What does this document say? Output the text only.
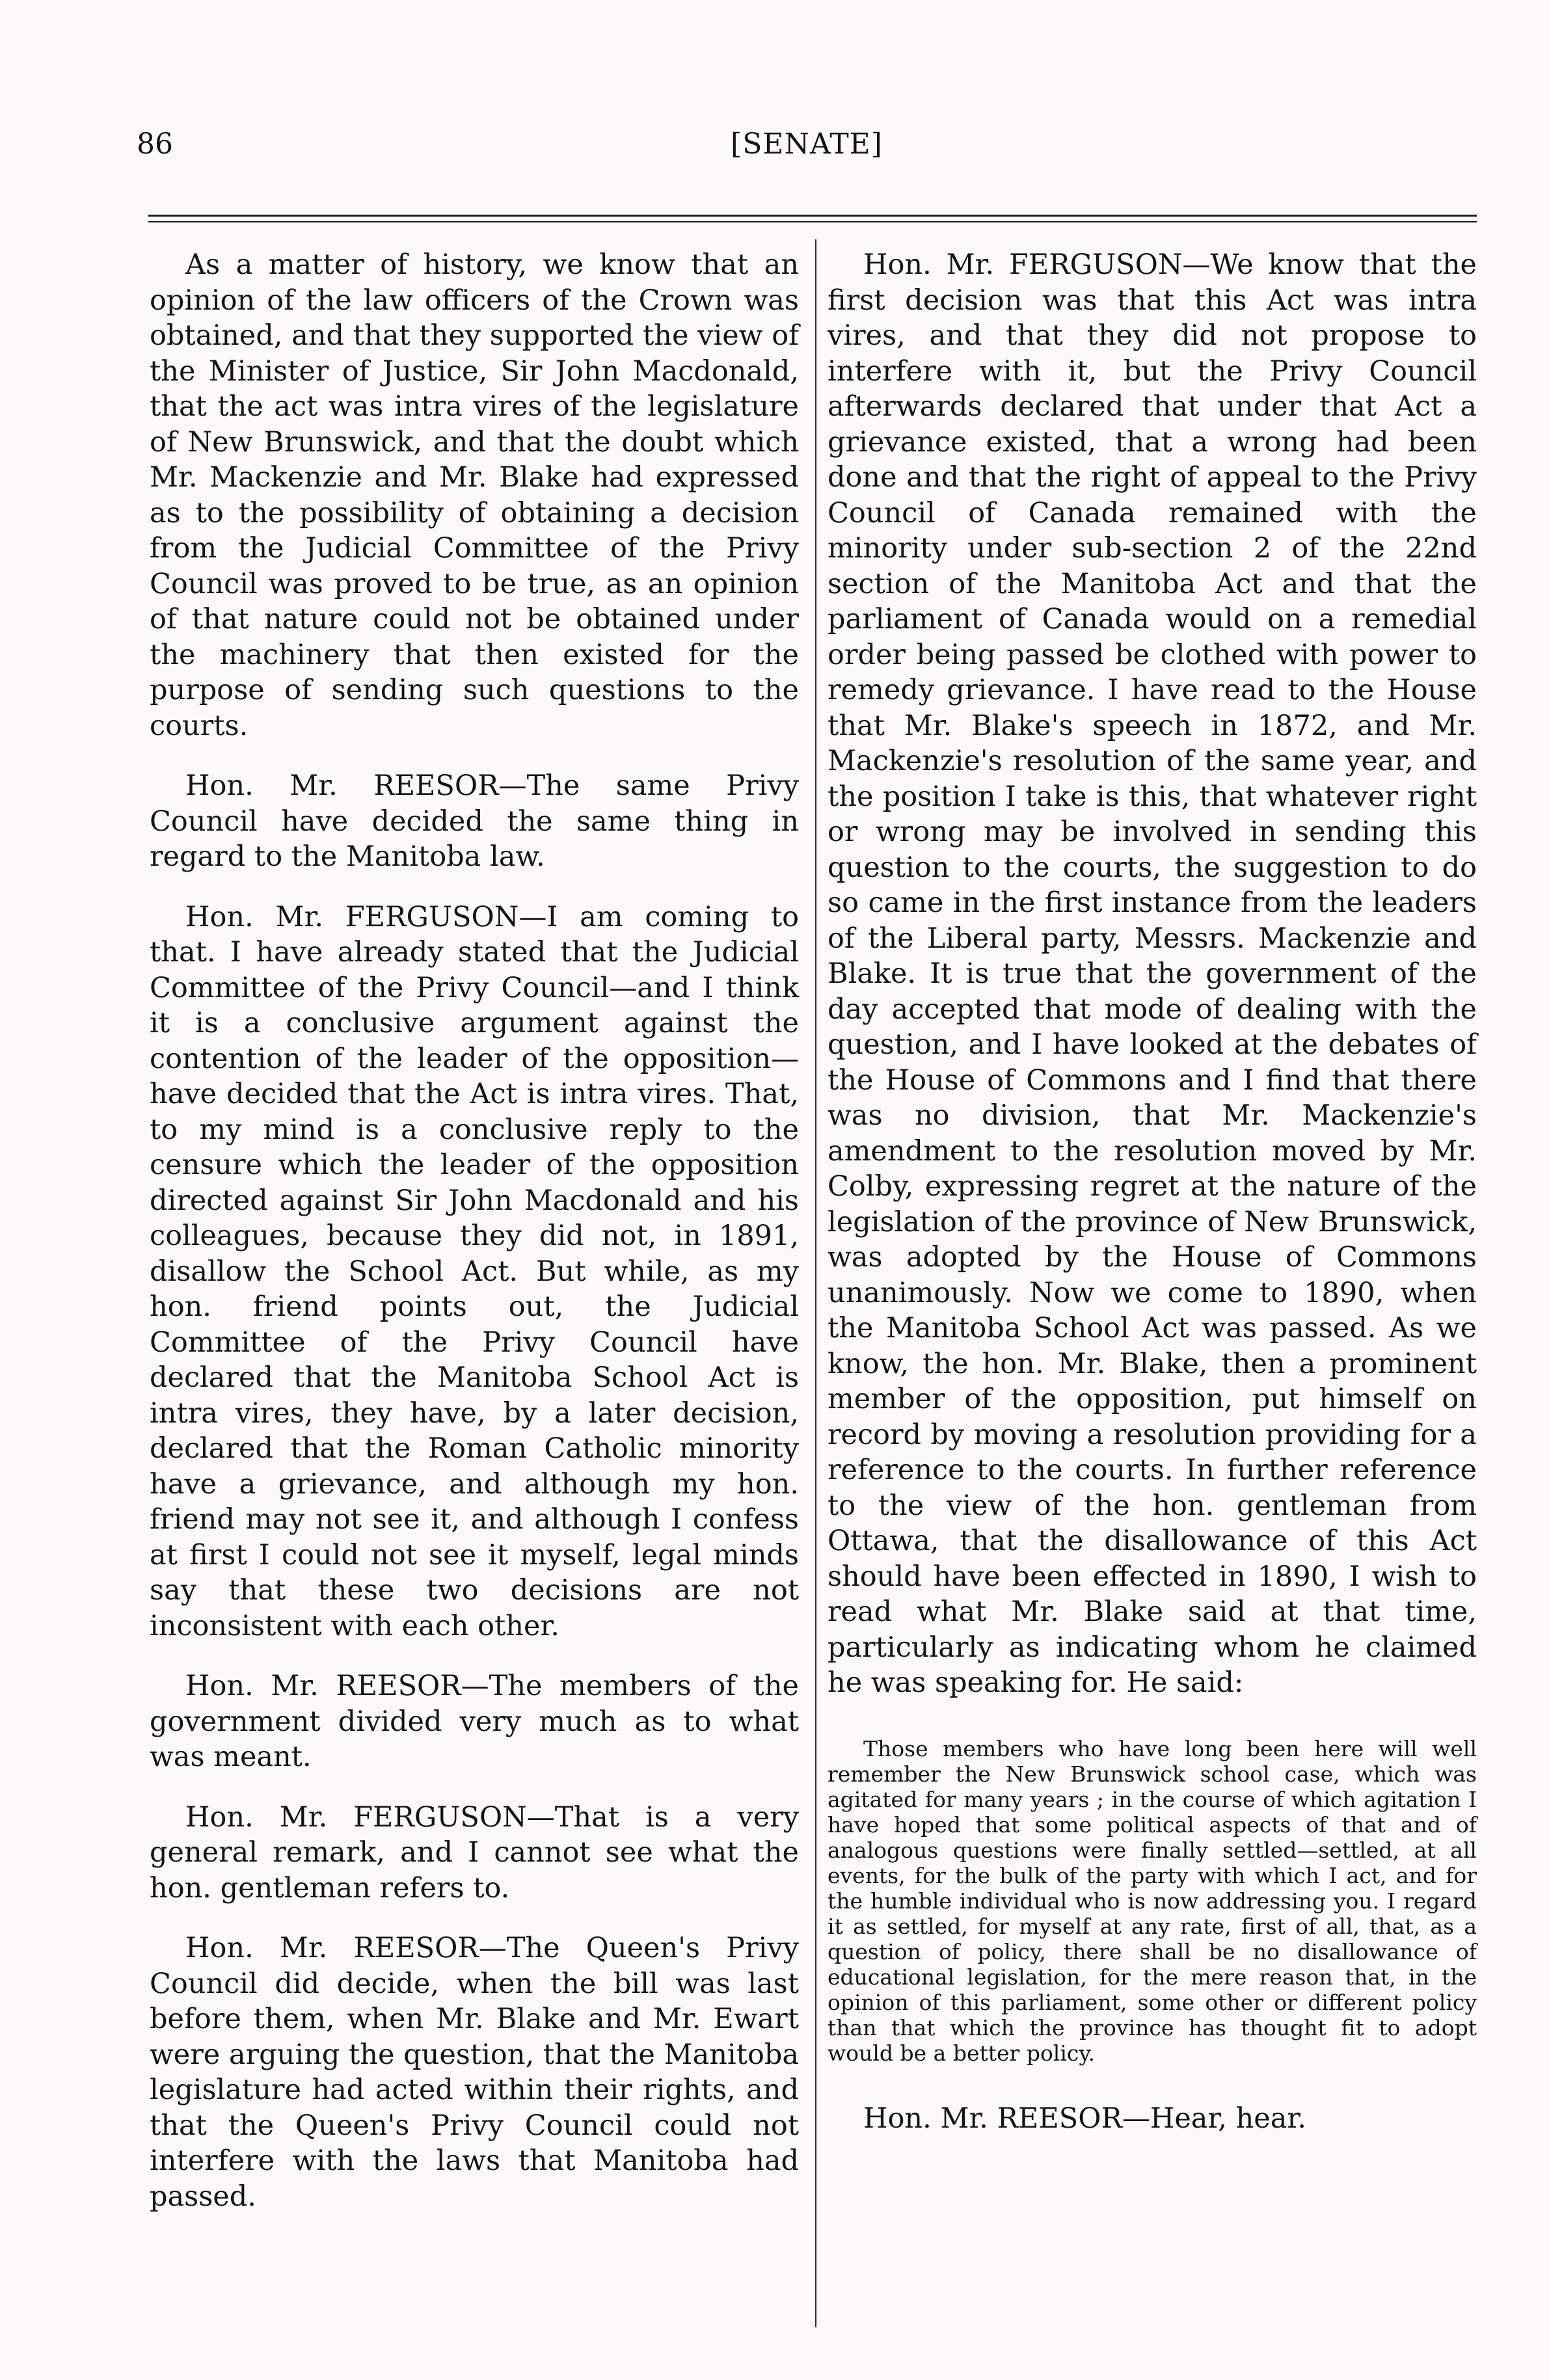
86	[SENATE]

As a matter of history, we know that an opinion of the law officers of the Crown was obtained, and that they supported the view of the Minister of Justice, Sir John Macdonald, that the act was intra vires of the legislature of New Brunswick, and that the doubt which Mr. Mackenzie and Mr. Blake had expressed as to the possibility of obtaining a decision from the Judicial Committee of the Privy Council was proved to be true, as an opinion of that nature could not be obtained under the machinery that then existed for the purpose of sending such questions to the courts.

Hon. Mr. REESOR—The same Privy Council have decided the same thing in regard to the Manitoba law.

Hon. Mr. FERGUSON—I am coming to that. I have already stated that the Judicial Committee of the Privy Council—and I think it is a conclusive argument against the contention of the leader of the opposition—have decided that the Act is intra vires. That, to my mind is a conclusive reply to the censure which the leader of the opposition directed against Sir John Macdonald and his colleagues, because they did not, in 1891, disallow the School Act. But while, as my hon. friend points out, the Judicial Committee of the Privy Council have declared that the Manitoba School Act is intra vires, they have, by a later decision, declared that the Roman Catholic minority have a grievance, and although my hon. friend may not see it, and although I confess at first I could not see it myself, legal minds say that these two decisions are not inconsistent with each other.

Hon. Mr. REESOR—The members of the government divided very much as to what was meant.

Hon. Mr. FERGUSON—That is a very general remark, and I cannot see what the hon. gentleman refers to.

Hon. Mr. REESOR—The Queen's Privy Council did decide, when the bill was last before them, when Mr. Blake and Mr. Ewart were arguing the question, that the Manitoba legislature had acted within their rights, and that the Queen's Privy Council could not interfere with the laws that Manitoba had passed.

Hon. Mr. FERGUSON—We know that the first decision was that this Act was intra vires, and that they did not propose to interfere with it, but the Privy Council afterwards declared that under that Act a grievance existed, that a wrong had been done and that the right of appeal to the Privy Council of Canada remained with the minority under sub-section 2 of the 22nd section of the Manitoba Act and that the parliament of Canada would on a remedial order being passed be clothed with power to remedy grievance. I have read to the House that Mr. Blake's speech in 1872, and Mr. Mackenzie's resolution of the same year, and the position I take is this, that whatever right or wrong may be involved in sending this question to the courts, the suggestion to do so came in the first instance from the leaders of the Liberal party, Messrs. Mackenzie and Blake. It is true that the government of the day accepted that mode of dealing with the question, and I have looked at the debates of the House of Commons and I find that there was no division, that Mr. Mackenzie's amendment to the resolution moved by Mr. Colby, expressing regret at the nature of the legislation of the province of New Brunswick, was adopted by the House of Commons unanimously. Now we come to 1890, when the Manitoba School Act was passed. As we know, the hon. Mr. Blake, then a prominent member of the opposition, put himself on record by moving a resolution providing for a reference to the courts. In further reference to the view of the hon. gentleman from Ottawa, that the disallowance of this Act should have been effected in 1890, I wish to read what Mr. Blake said at that time, particularly as indicating whom he claimed he was speaking for. He said:

Those members who have long been here will well remember the New Brunswick school case, which was agitated for many years ; in the course of which agitation I have hoped that some political aspects of that and of analogous questions were finally settled—settled, at all events, for the bulk of the party with which I act, and for the humble individual who is now addressing you. I regard it as settled, for myself at any rate, first of all, that, as a question of policy, there shall be no disallowance of educational legislation, for the mere reason that, in the opinion of this parliament, some other or different policy than that which the province has thought fit to adopt would be a better policy.

Hon. Mr. REESOR—Hear, hear.
